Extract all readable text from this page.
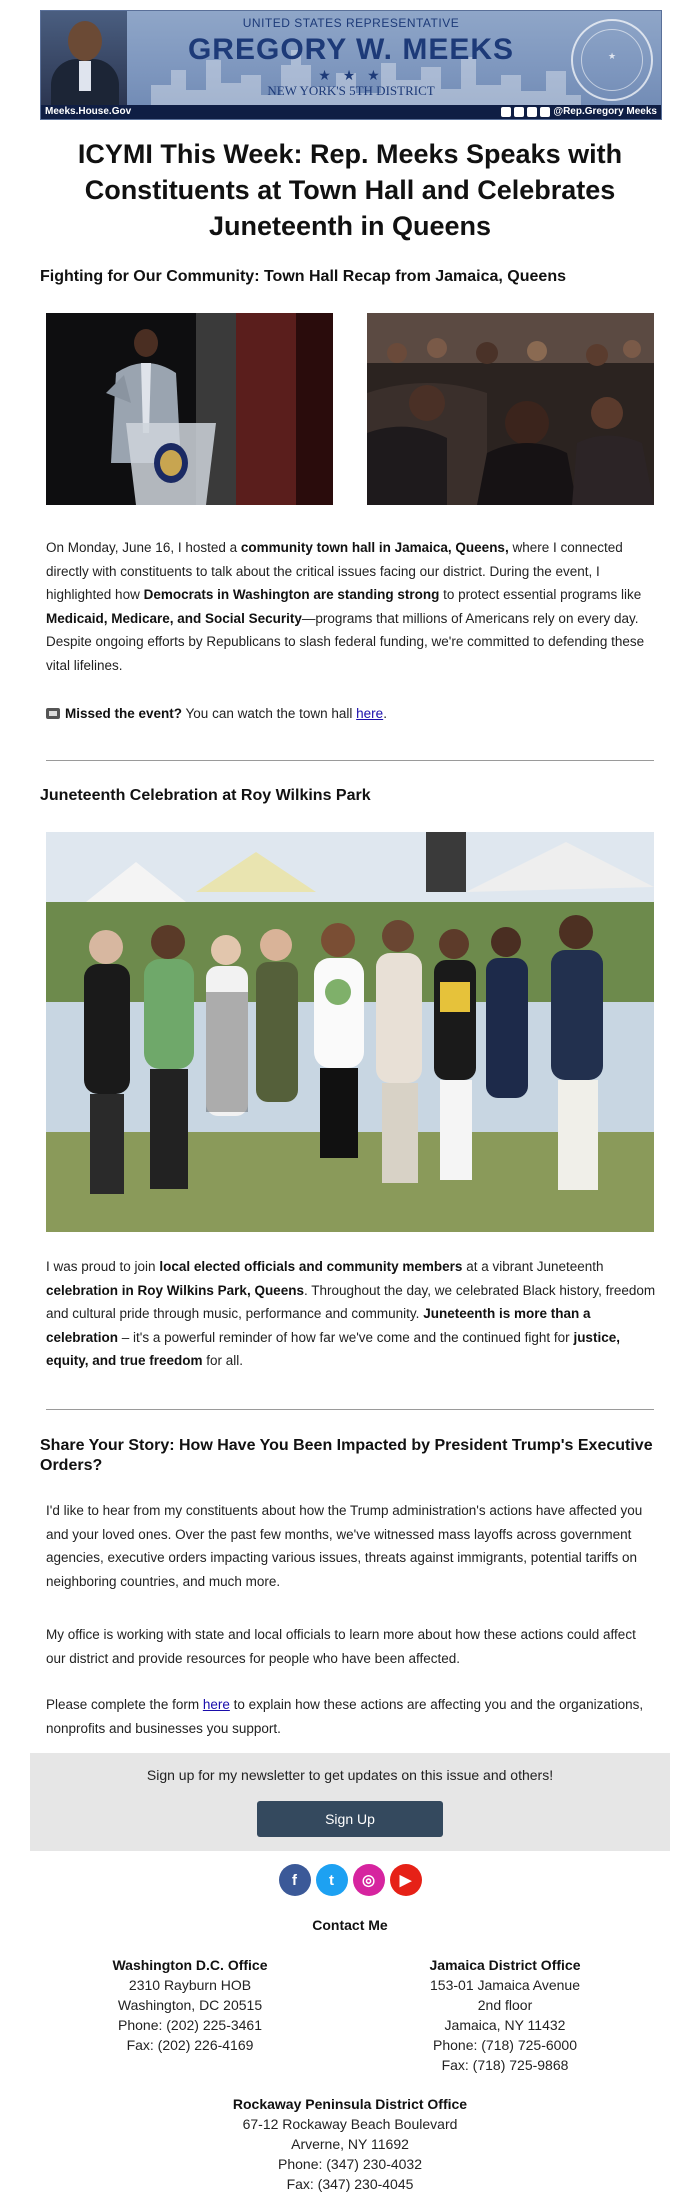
UNITED STATES REPRESENTATIVE
GREGORY W. MEEKS
★ ★ ★
NEW YORK'S 5TH DISTRICT
★
Meeks.House.Gov	@Rep.Gregory Meeks
ICYMI This Week: Rep. Meeks Speaks with Constituents at Town Hall and Celebrates Juneteenth in Queens
Fighting for Our Community: Town Hall Recap from Jamaica, Queens
On Monday, June 16, I hosted a community town hall in Jamaica, Queens, where I connected directly with constituents to talk about the critical issues facing our district. During the event, I highlighted how Democrats in Washington are standing strong to protect essential programs like Medicaid, Medicare, and Social Security—programs that millions of Americans rely on every day. Despite ongoing efforts by Republicans to slash federal funding, we're committed to defending these vital lifelines.
Missed the event? You can watch the town hall here.
Juneteenth Celebration at Roy Wilkins Park
I was proud to join local elected officials and community members at a vibrant Juneteenth celebration in Roy Wilkins Park, Queens. Throughout the day, we celebrated Black history, freedom and cultural pride through music, performance and community. Juneteenth is more than a celebration – it's a powerful reminder of how far we've come and the continued fight for justice, equity, and true freedom for all.
Share Your Story: How Have You Been Impacted by President Trump's Executive Orders?
I'd like to hear from my constituents about how the Trump administration's actions have affected you and your loved ones. Over the past few months, we've witnessed mass layoffs across government agencies, executive orders impacting various issues, threats against immigrants, potential tariffs on neighboring countries, and much more.
My office is working with state and local officials to learn more about how these actions could affect our district and provide resources for people who have been affected.
Please complete the form here to explain how these actions are affecting you and the organizations, nonprofits and businesses you support.
Sign up for my newsletter to get updates on this issue and others!
Sign Up
f	t	◎	▶
Contact Me
Washington D.C. Office
2310 Rayburn HOB
Washington, DC 20515
Phone: (202) 225-3461
Fax: (202) 226-4169
Jamaica District Office
153-01 Jamaica Avenue
2nd floor
Jamaica, NY 11432
Phone: (718) 725-6000
Fax: (718) 725-9868
Rockaway Peninsula District Office
67-12 Rockaway Beach Boulevard
Arverne, NY 11692
Phone: (347) 230-4032
Fax: (347) 230-4045
